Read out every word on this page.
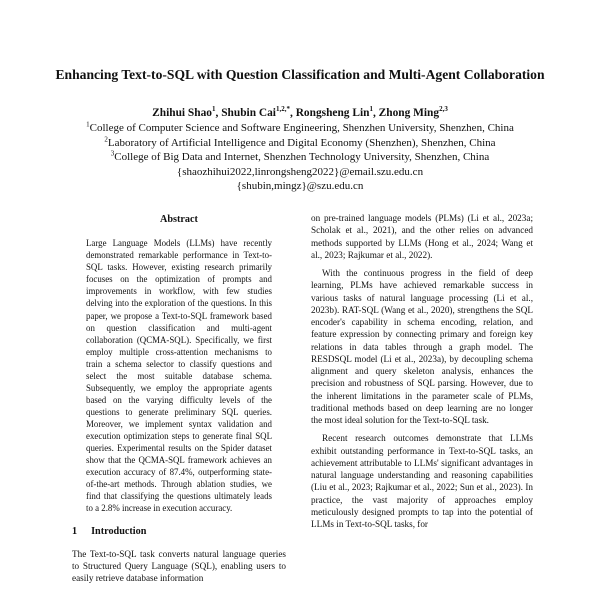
Enhancing Text-to-SQL with Question Classification and Multi-Agent Collaboration
Zhihui Shao$^1$, Shubin Cai$^{1,2,*}$, Rongsheng Lin$^1$, Zhong Ming$^{2,3}$
$^1$College of Computer Science and Software Engineering, Shenzhen University, Shenzhen, China
$^2$Laboratory of Artificial Intelligence and Digital Economy (Shenzhen), Shenzhen, China
$^3$College of Big Data and Internet, Shenzhen Technology University, Shenzhen, China
{shaozhihui2022,linrongsheng2022}@email.szu.edu.cn
{shubin,mingz}@szu.edu.cn
Abstract

Large Language Models (LLMs) have recently demonstrated remarkable performance in Text-to-SQL tasks. However, existing research primarily focuses on the optimization of prompts and improvements in workflow, with few studies delving into the exploration of the questions. In this paper, we propose a Text-to-SQL framework based on question classification and multi-agent collaboration (QCMA-SQL). Specifically, we first employ multiple cross-attention mechanisms to train a schema selector to classify questions and select the most suitable database schema. Subsequently, we employ the appropriate agents based on the varying difficulty levels of the questions to generate preliminary SQL queries. Moreover, we implement syntax validation and execution optimization steps to generate final SQL queries. Experimental results on the Spider dataset show that the QCMA-SQL framework achieves an execution accuracy of 87.4%, outperforming state-of-the-art methods. Through ablation studies, we find that classifying the questions ultimately leads to a 2.8% increase in execution accuracy.

1 Introduction

The Text-to-SQL task converts natural language queries to Structured Query Language (SQL), enabling users to easily retrieve database information

on pre-trained language models (PLMs) (Li et al., 2023a; Scholak et al., 2021), and the other relies on advanced methods supported by LLMs (Hong et al., 2024; Wang et al., 2023; Rajkumar et al., 2022).

With the continuous progress in the field of deep learning, PLMs have achieved remarkable success in various tasks of natural language processing (Li et al., 2023b). RAT-SQL (Wang et al., 2020), strengthens the SQL encoder's capability in schema encoding, relation, and feature expression by connecting primary and foreign key relations in data tables through a graph model. The RESDSQL model (Li et al., 2023a), by decoupling schema alignment and query skeleton analysis, enhances the precision and robustness of SQL parsing. However, due to the inherent limitations in the parameter scale of PLMs, traditional methods based on deep learning are no longer the most ideal solution for the Text-to-SQL task.

Recent research outcomes demonstrate that LLMs exhibit outstanding performance in Text-to-SQL tasks, an achievement attributable to LLMs' significant advantages in natural language understanding and reasoning capabilities (Liu et al., 2023; Rajkumar et al., 2022; Sun et al., 2023). In practice, the vast majority of approaches employ meticulously designed prompts to tap into the potential of LLMs in Text-to-SQL tasks, for
